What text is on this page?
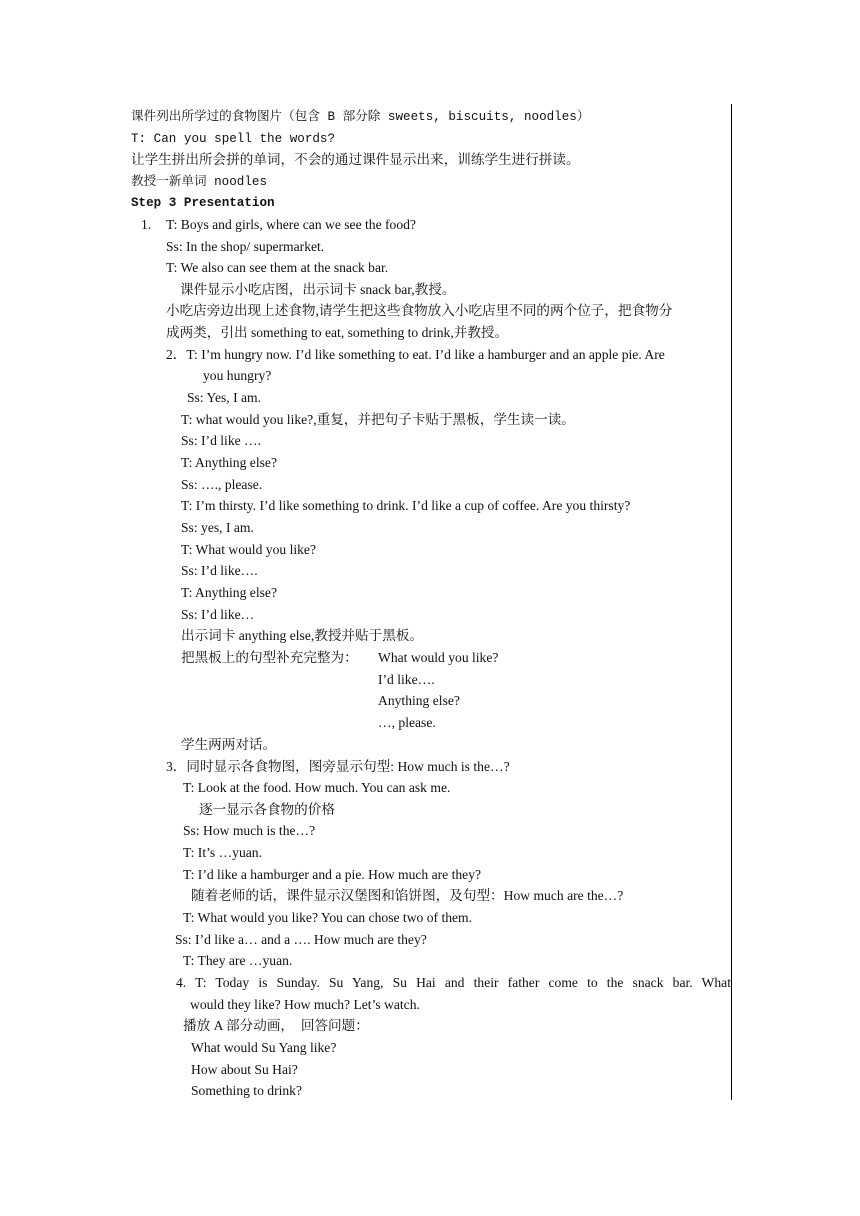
课件列出所学过的食物图片（包含 B 部分除 sweets, biscuits, noodles）
T: Can you spell the words?
让学生拼出所会拼的单词，不会的通过课件显示出来，训练学生进行拼读。
教授一新单词 noodles
Step 3 Presentation
1. T: Boys and girls, where can we see the food?
Ss: In the shop/ supermarket.
T: We also can see them at the snack bar.
课件显示小吃店图，出示词卡 snack bar,教授。
小吃店旁边出现上述食物,请学生把这些食物放入小吃店里不同的两个位子，把食物分
成两类，引出 something to eat, something to drink,并教授。
2．T: I’m hungry now. I’d like something to eat. I’d like a hamburger and an apple pie. Are
you hungry?
Ss: Yes, I am.
T: what would you like?,重复，并把句子卡贴于黑板，学生读一读。
Ss: I’d like ….
T: Anything else?
Ss: …., please.
T: I’m thirsty. I’d like something to drink. I’d like a cup of coffee. Are you thirsty?
Ss: yes, I am.
T: What would you like?
Ss: I’d like….
T: Anything else?
Ss: I’d like…
出示词卡 anything else,教授并贴于黑板。
把黑板上的句型补充完整为： What would you like?
I’d like….
Anything else?
…, please.
学生两两对话。
3．同时显示各食物图，图旁显示句型: How much is the…?
T: Look at the food. How much. You can ask me.
逐一显示各食物的价格
Ss: How much is the…?
T: It’s …yuan.
T: I’d like a hamburger and a pie. How much are they?
随着老师的话，课件显示汉堡图和馅饼图，及句型：How much are the…?
T: What would you like? You can chose two of them.
Ss: I’d like a… and a …. How much are they?
T: They are …yuan.
4. T: Today is Sunday. Su Yang, Su Hai and their father come to the snack bar. What
would they like? How much? Let’s watch.
播放 A 部分动画，  回答问题：
What would Su Yang like?
How about Su Hai?
Something to drink?
